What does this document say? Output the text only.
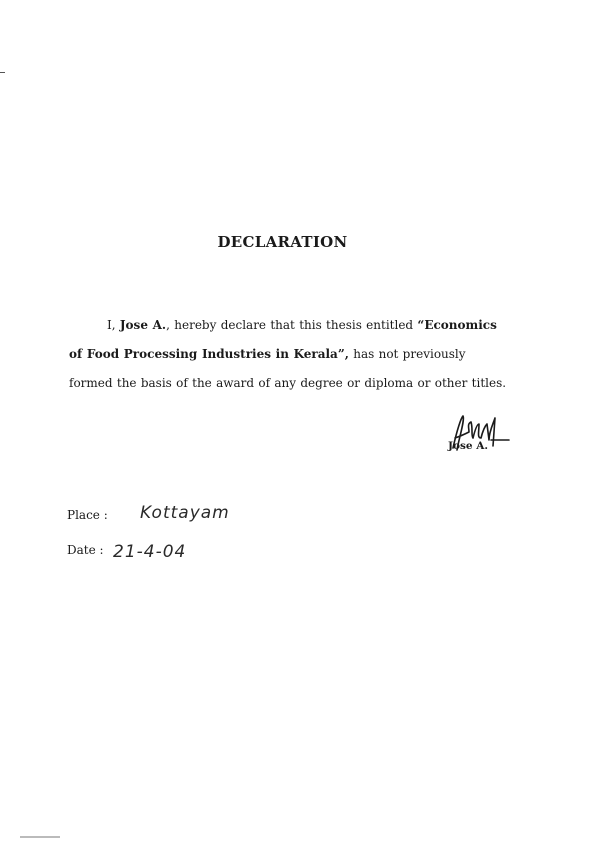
DECLARATION
I, Jose A., hereby declare that this thesis entitled “Economics of Food Processing Industries in Kerala”, has not previously formed the basis of the award of any degree or diploma or other titles.
Jose A.
Place : Kottayam
Date : 21-4-04
